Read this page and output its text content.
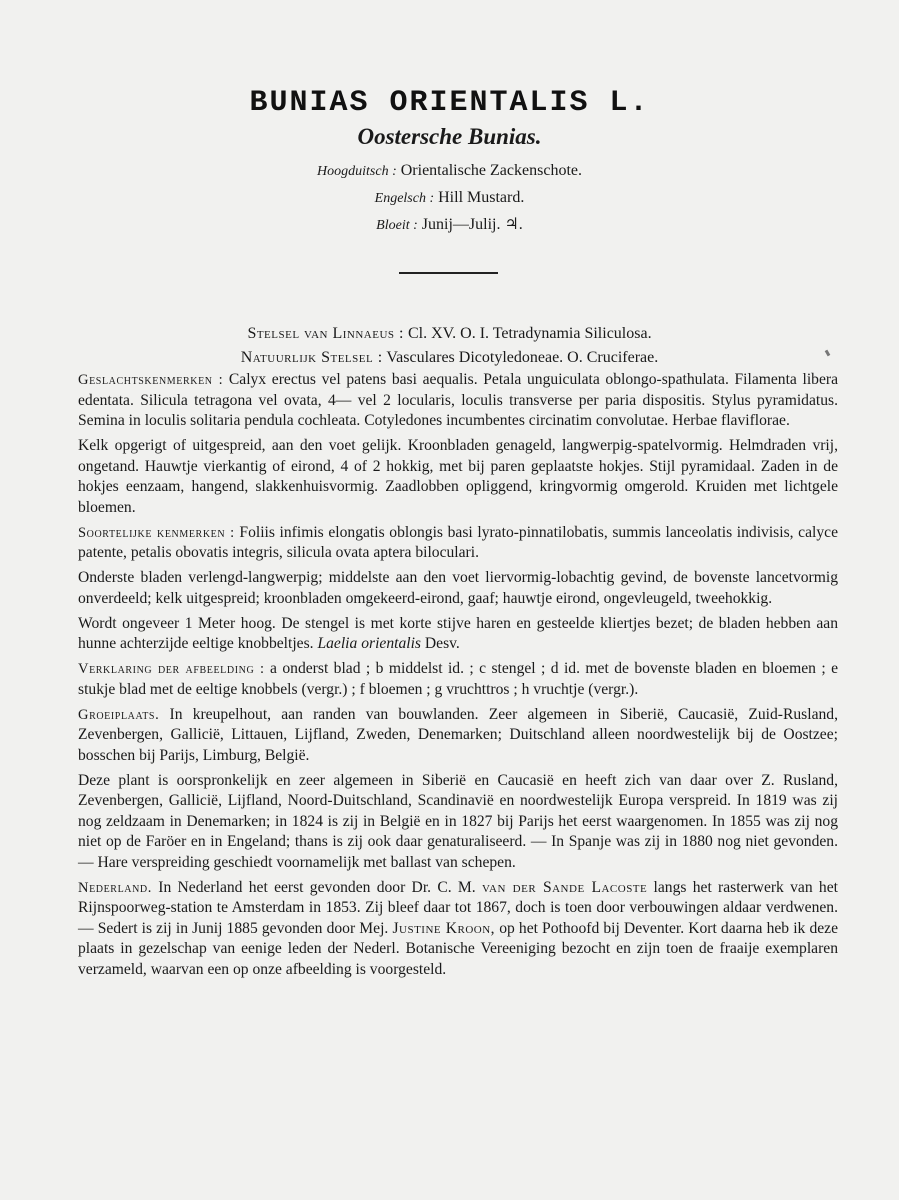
BUNIAS ORIENTALIS L.
Oostersche Bunias.
Hoogduitsch : Orientalische Zackenschote.
Engelsch : Hill Mustard.
Bloeit : Junij—Julij. ♃.
Stelsel van Linnaeus : Cl. XV. O. I. Tetradynamia Siliculosa.
Natuurlijk Stelsel : Vasculares Dicotyledoneae. O. Cruciferae.

Geslachtskenmerken : Calyx erectus vel patens basi aequalis. Petala unguiculata oblongo-spathulata. Filamenta libera edentata. Silicula tetragona vel ovata, 4— vel 2 locularis, loculis transverse per paria dispositis. Stylus pyramidatus. Semina in loculis solitaria pendula cochleata. Cotyledones incumbentes circinatim convolutae. Herbae flaviflorae.

Kelk opgerigt of uitgespreid, aan den voet gelijk. Kroonbladen genageld, langwerpig-spatelvormig. Helmdraden vrij, ongetand. Hauwtje vierkantig of eirond, 4 of 2 hokkig, met bij paren geplaatste hokjes. Stijl pyramidaal. Zaden in de hokjes eenzaam, hangend, slakkenhuisvormig. Zaadlobben opliggend, kringvormig omgerold. Kruiden met lichtgele bloemen.

Soortelijke kenmerken : Foliis infimis elongatis oblongis basi lyrato-pinnatilobatis, summis lanceolatis indivisis, calyce patente, petalis obovatis integris, silicula ovata aptera biloculari.

Onderste bladen verlengd-langwerpig; middelste aan den voet liervormig-lobachtig gevind, de bovenste lancetvormig onverdeeld; kelk uitgespreid; kroonbladen omgekeerd-eirond, gaaf; hauwtje eirond, ongevleugeld, tweehokkig.

Wordt ongeveer 1 Meter hoog. De stengel is met korte stijve haren en gesteelde kliertjes bezet; de bladen hebben aan hunne achterzijde eeltige knobbeltjes. Laelia orientalis Desv.

Verklaring der afbeelding : a onderst blad ; b middelst id. ; c stengel ; d id. met de bovenste bladen en bloemen ; e stukje blad met de eeltige knobbels (vergr.) ; f bloemen ; g vruchttros ; h vruchtje (vergr.).

Groeiplaats. In kreupelhout, aan randen van bouwlanden. Zeer algemeen in Siberië, Caucasië, Zuid-Rusland, Zevenbergen, Gallicië, Littauen, Lijfland, Zweden, Denemarken; Duitschland alleen noordwestelijk bij de Oostzee; bosschen bij Parijs, Limburg, België.

Deze plant is oorspronkelijk en zeer algemeen in Siberië en Caucasië en heeft zich van daar over Z. Rusland, Zevenbergen, Gallicië, Lijfland, Noord-Duitschland, Scandinavië en noordwestelijk Europa verspreid. In 1819 was zij nog zeldzaam in Denemarken; in 1824 is zij in België en in 1827 bij Parijs het eerst waargenomen. In 1855 was zij nog niet op de Faröer en in Engeland; thans is zij ook daar genaturaliseerd. — In Spanje was zij in 1880 nog niet gevonden. — Hare verspreiding geschiedt voornamelijk met ballast van schepen.

Nederland. In Nederland het eerst gevonden door Dr. C. M. van der Sande Lacoste langs het rasterwerk van het Rijnspoorweg-station te Amsterdam in 1853. Zij bleef daar tot 1867, doch is toen door verbouwingen aldaar verdwenen. — Sedert is zij in Junij 1885 gevonden door Mej. Justine Kroon, op het Pothoofd bij Deventer. Kort daarna heb ik deze plaats in gezelschap van eenige leden der Nederl. Botanische Vereeniging bezocht en zijn toen de fraaije exemplaren verzameld, waarvan een op onze afbeelding is voorgesteld.
